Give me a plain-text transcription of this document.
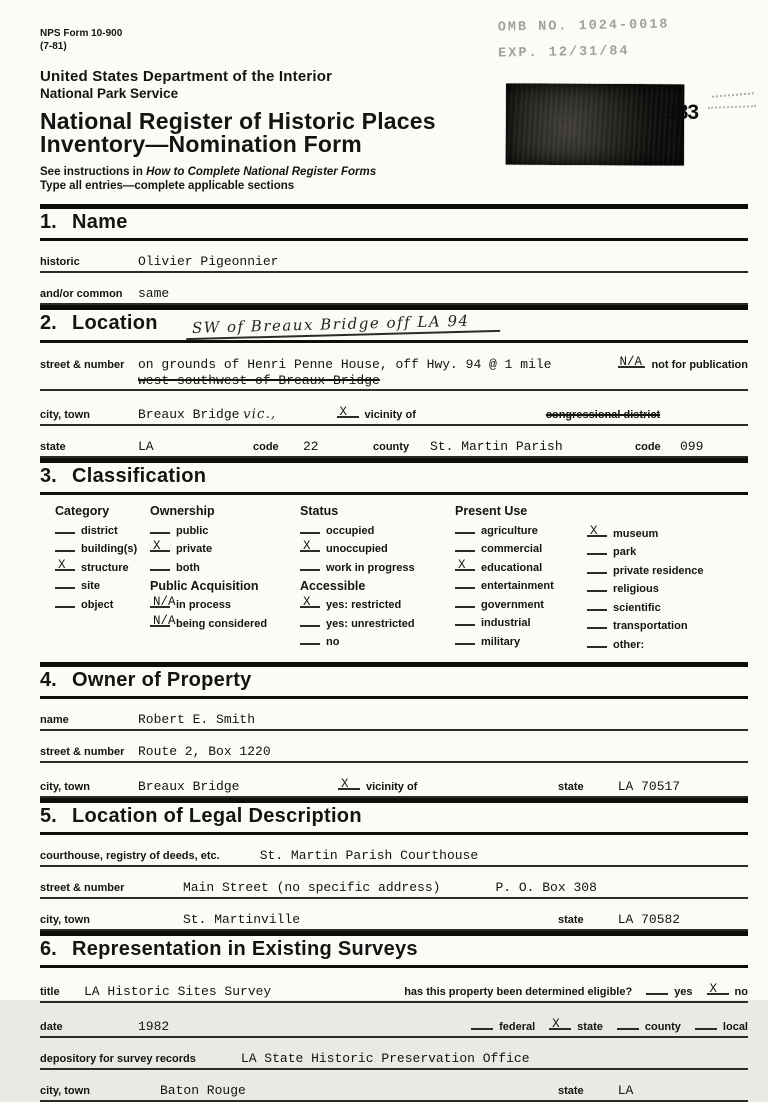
NPS Form 10-900
(7-81)
OMB NO. 1024-0018
EXP. 12/31/84
United States Department of the Interior
National Park Service
National Register of Historic Places
Inventory—Nomination Form
See instructions in How to Complete National Register Forms
Type all entries—complete applicable sections
983
1. Name
historic	Olivier Pigeonnier
and/or common	same
2. Location	SW of Breaux Bridge off LA 94
street & number	on grounds of Henri Penne House, off Hwy. 94 @ 1 mile	N/A not for publication
west southwest of Breaux Bridge
city, town	Breaux Bridge vic.,	X vicinity of	congressional district
state	LA	code	22	county	St. Martin Parish	code	099
3. Classification
Category
district
building(s)
X structure
site
object
Ownership
public
X private
both
Public Acquisition
N/A in process
N/A being considered
Status
occupied
X unoccupied
work in progress
Accessible
X yes: restricted
yes: unrestricted
no
Present Use
agriculture
commercial
X educational
entertainment
government
industrial
military
X museum
park
private residence
religious
scientific
transportation
other:
4. Owner of Property
name	Robert E. Smith
street & number	Route 2, Box 1220
city, town	Breaux Bridge	X vicinity of	state	LA 70517
5. Location of Legal Description
courthouse, registry of deeds, etc.	St. Martin Parish Courthouse
street & number	Main Street (no specific address)	P. O. Box 308
city, town	St. Martinville	state	LA 70582
6. Representation in Existing Surveys
title	LA Historic Sites Survey	has this property been determined eligible?	yes X no
date	1982	federal X state	county	local
depository for survey records	LA State Historic Preservation Office
city, town	Baton Rouge	state	LA
